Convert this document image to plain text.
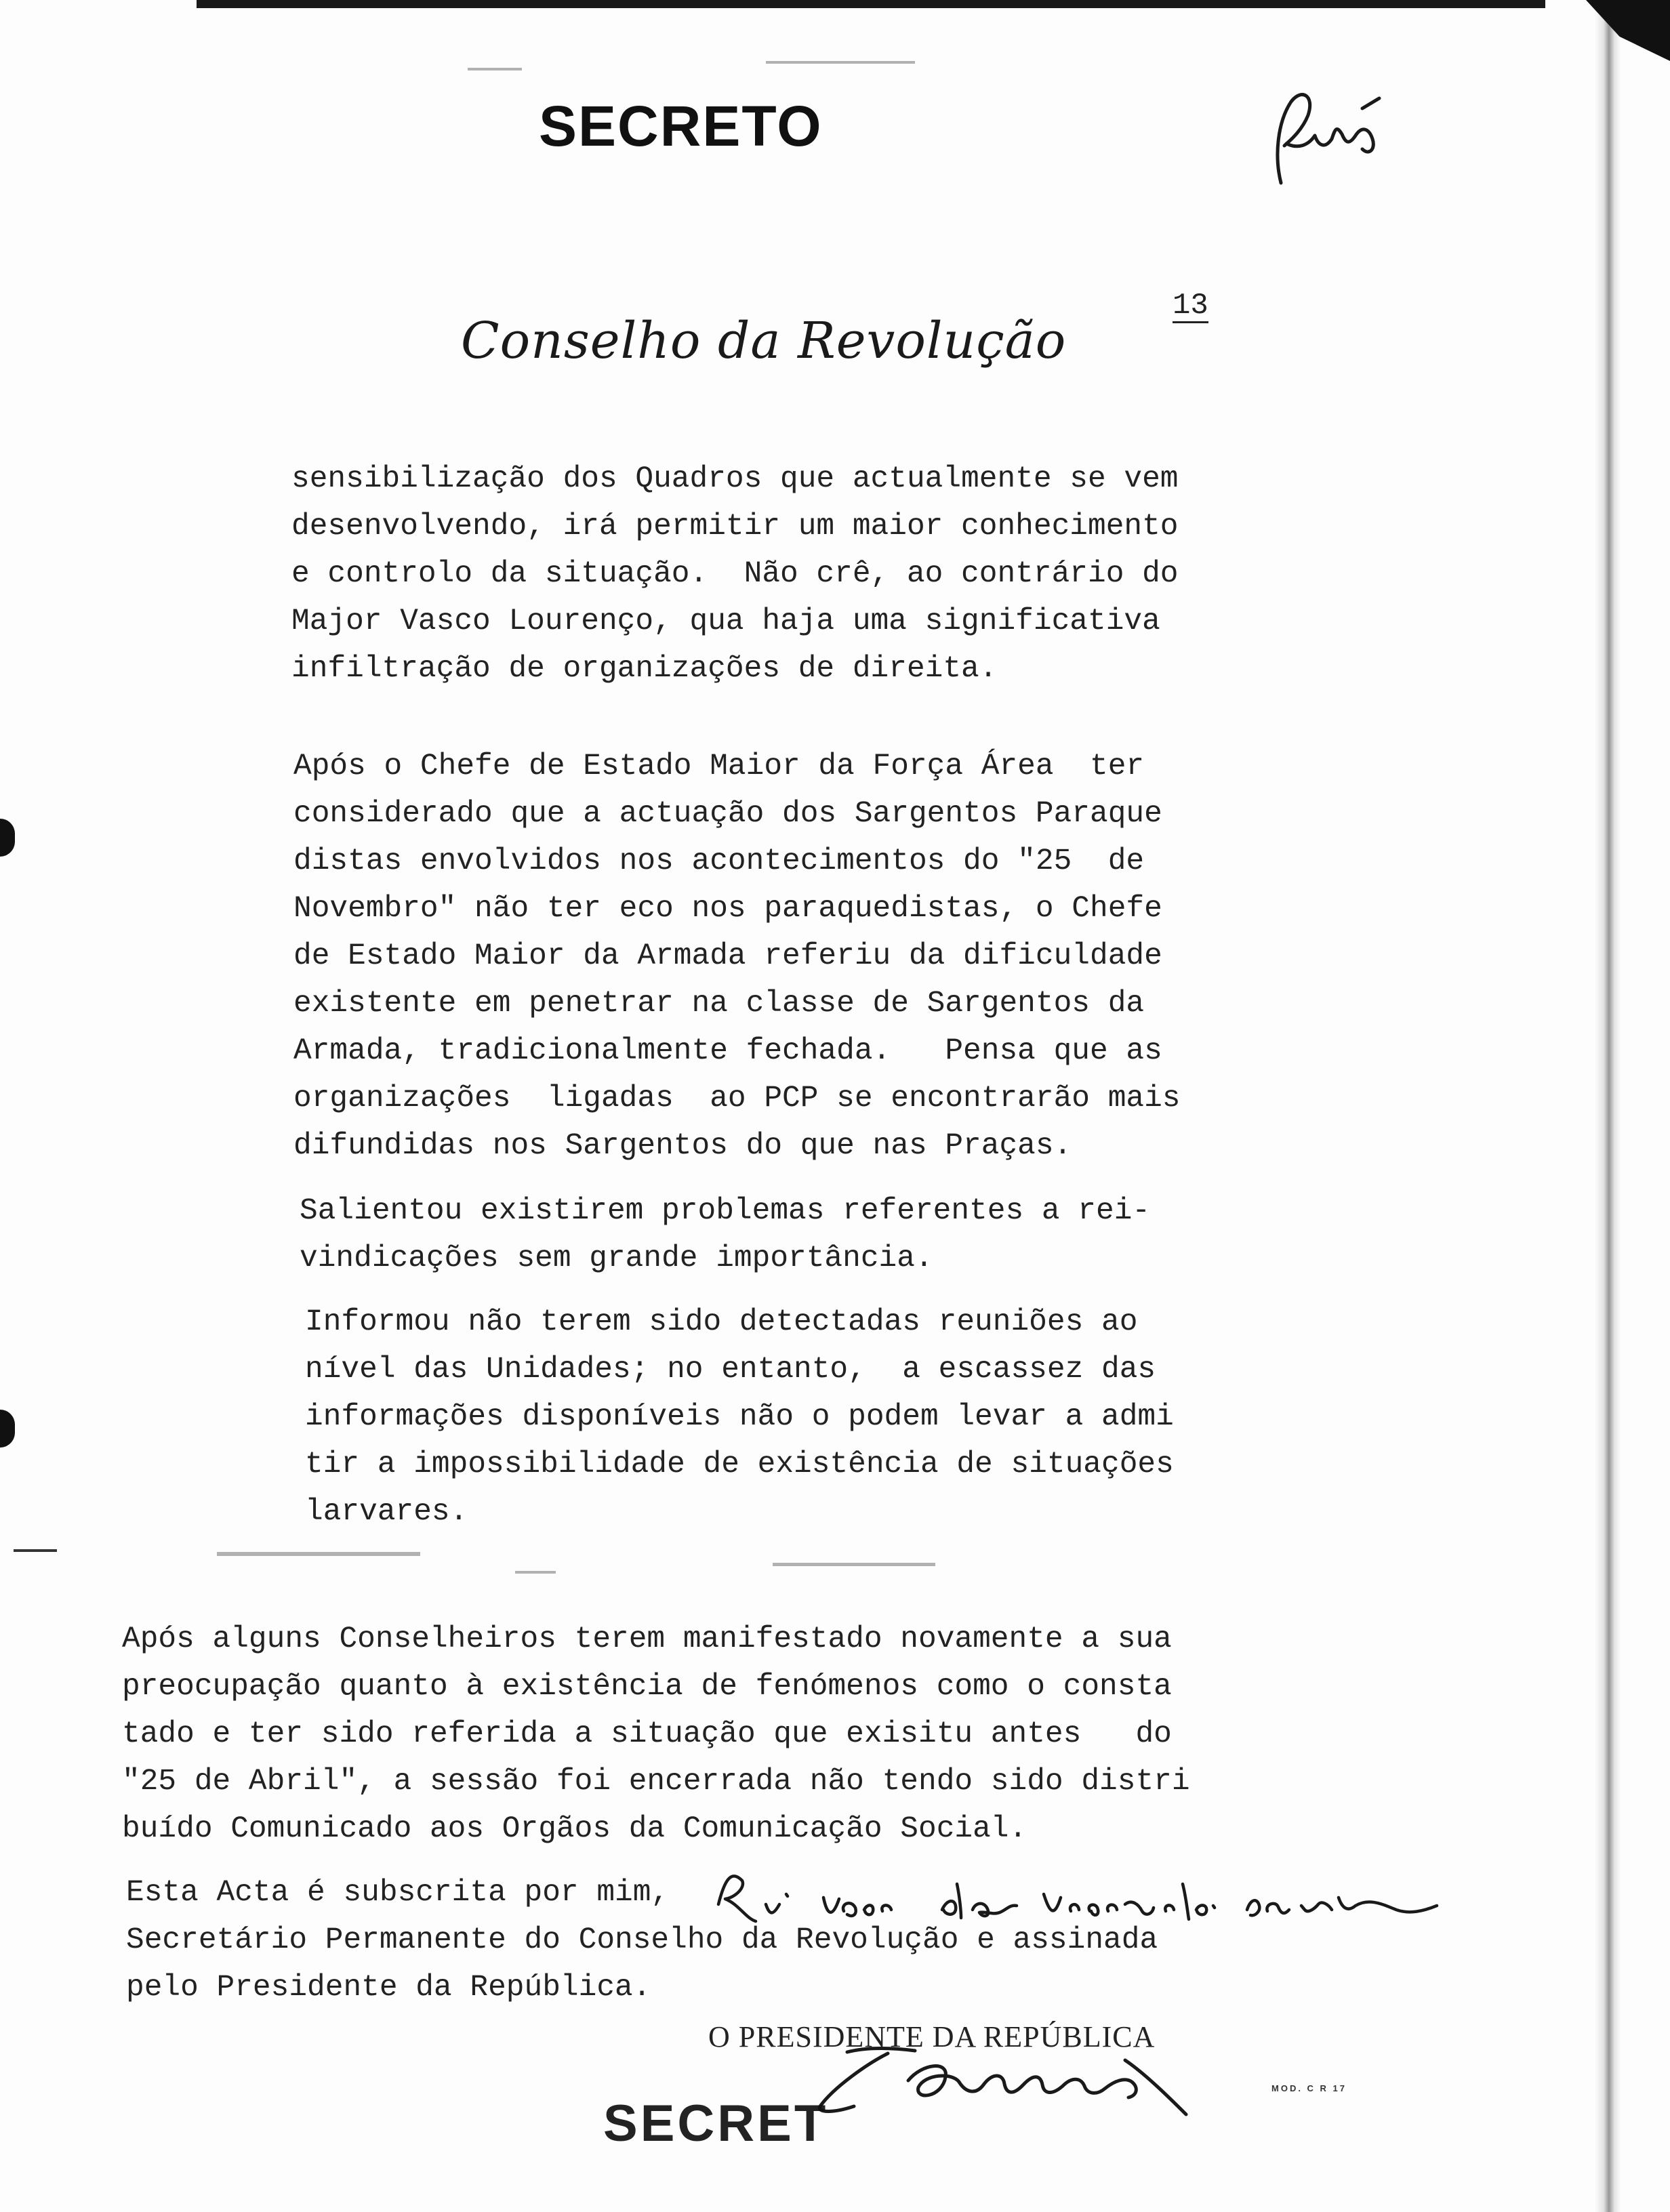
SECRETO
Conselho da Revolução
13
sensibilização dos Quadros que actualmente se vem
desenvolvendo, irá permitir um maior conhecimento
e controlo da situação.  Não crê, ao contrário do
Major Vasco Lourenço, qua haja uma significativa
infiltração de organizações de direita.
Após o Chefe de Estado Maior da Força Área  ter
considerado que a actuação dos Sargentos Paraque
distas envolvidos nos acontecimentos do "25  de
Novembro" não ter eco nos paraquedistas, o Chefe
de Estado Maior da Armada referiu da dificuldade
existente em penetrar na classe de Sargentos da
Armada, tradicionalmente fechada.   Pensa que as
organizações  ligadas  ao PCP se encontrarão mais
difundidas nos Sargentos do que nas Praças.
Salientou existirem problemas referentes a rei-
vindicações sem grande importância.
Informou não terem sido detectadas reuniões ao
nível das Unidades; no entanto,  a escassez das
informações disponíveis não o podem levar a admi
tir a impossibilidade de existência de situações
larvares.
Após alguns Conselheiros terem manifestado novamente a sua
preocupação quanto à existência de fenómenos como o consta
tado e ter sido referida a situação que exisitu antes   do
"25 de Abril", a sessão foi encerrada não tendo sido distri
buído Comunicado aos Orgãos da Comunicação Social.
Esta Acta é subscrita por mim,
Secretário Permanente do Conselho da Revolução e assinada
pelo Presidente da República.
O PRESIDENTE DA REPÚBLICA
MOD. C R 17
SECRET
